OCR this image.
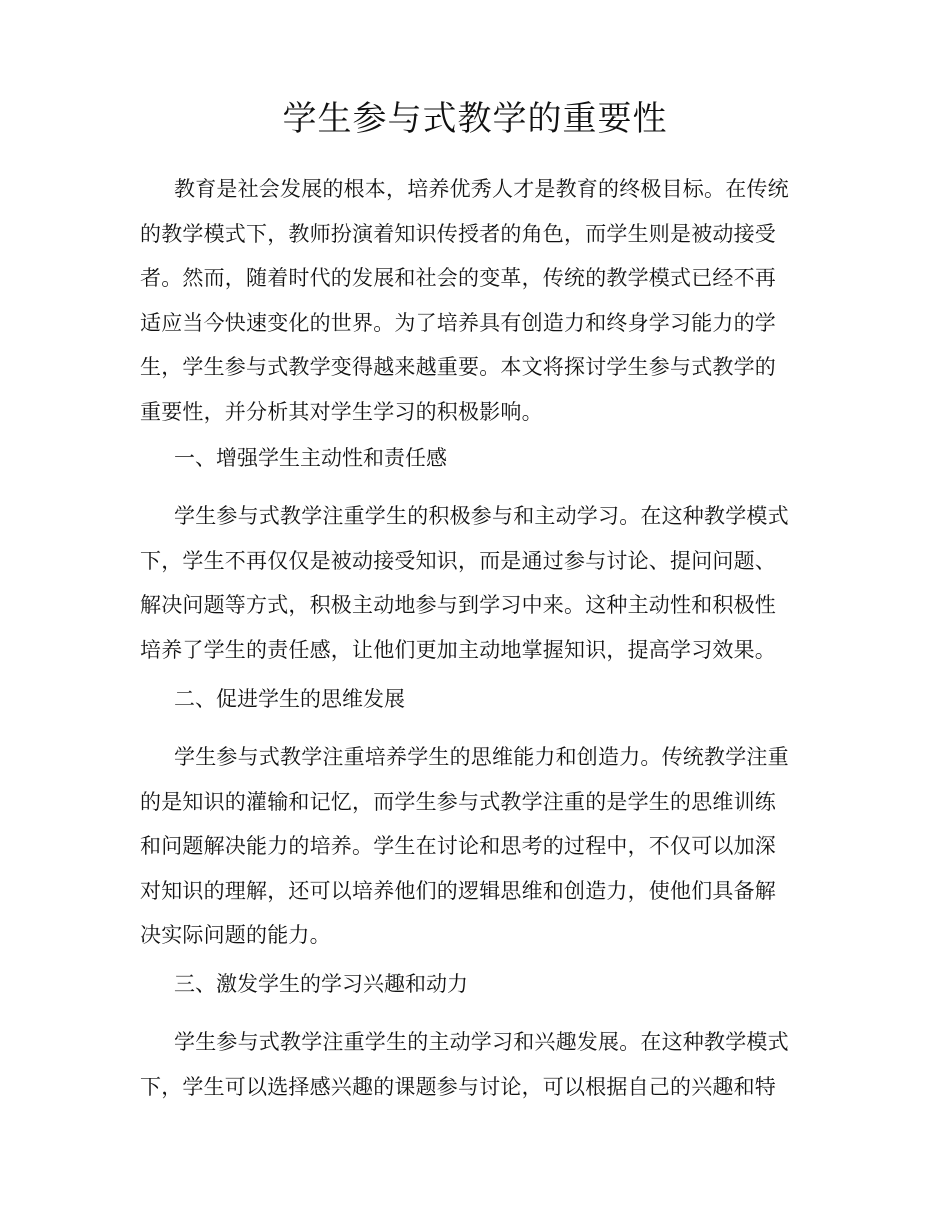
学生参与式教学的重要性
教育是社会发展的根本，培养优秀人才是教育的终极目标。在传统
的教学模式下，教师扮演着知识传授者的角色，而学生则是被动接受
者。然而，随着时代的发展和社会的变革，传统的教学模式已经不再
适应当今快速变化的世界。为了培养具有创造力和终身学习能力的学
生，学生参与式教学变得越来越重要。本文将探讨学生参与式教学的
重要性，并分析其对学生学习的积极影响。
一、增强学生主动性和责任感
学生参与式教学注重学生的积极参与和主动学习。在这种教学模式
下，学生不再仅仅是被动接受知识，而是通过参与讨论、提问问题、
解决问题等方式，积极主动地参与到学习中来。这种主动性和积极性
培养了学生的责任感，让他们更加主动地掌握知识，提高学习效果。
二、促进学生的思维发展
学生参与式教学注重培养学生的思维能力和创造力。传统教学注重
的是知识的灌输和记忆，而学生参与式教学注重的是学生的思维训练
和问题解决能力的培养。学生在讨论和思考的过程中，不仅可以加深
对知识的理解，还可以培养他们的逻辑思维和创造力，使他们具备解
决实际问题的能力。
三、激发学生的学习兴趣和动力
学生参与式教学注重学生的主动学习和兴趣发展。在这种教学模式
下，学生可以选择感兴趣的课题参与讨论，可以根据自己的兴趣和特
